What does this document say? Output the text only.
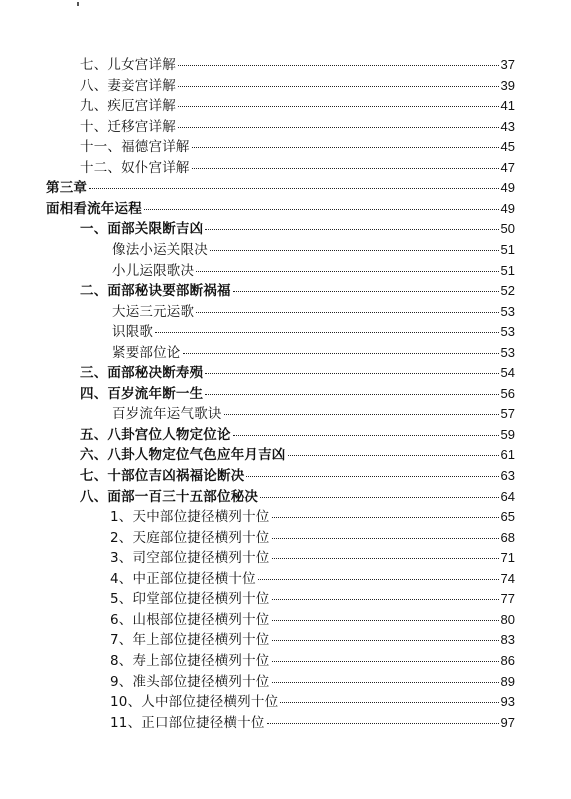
七、儿女宫详解	37
八、妻妾宫详解	39
九、疾厄宫详解	41
十、迁移宫详解	43
十一、福德宫详解	45
十二、奴仆宫详解	47
第三章	49
面相看流年运程	49
一、面部关限断吉凶	50
像法小运关限决	51
小儿运限歌决	51
二、面部秘诀要部断祸福	52
大运三元运歌	53
识限歌	53
紧要部位论	53
三、面部秘决断寿殒	54
四、百岁流年断一生	56
百岁流年运气歌诀	57
五、八卦宫位人物定位论	59
六、八卦人物定位气色应年月吉凶	61
七、十部位吉凶祸福论断决	63
八、面部一百三十五部位秘决	64
1、天中部位捷径横列十位	65
2、天庭部位捷径横列十位	68
3、司空部位捷径横列十位	71
4、中正部位捷径横十位	74
5、印堂部位捷径横列十位	77
6、山根部位捷径横列十位	80
7、年上部位捷径横列十位	83
8、寿上部位捷径横列十位	86
9、准头部位捷径横列十位	89
10、人中部位捷径横列十位	93
11、正口部位捷径横十位	97
